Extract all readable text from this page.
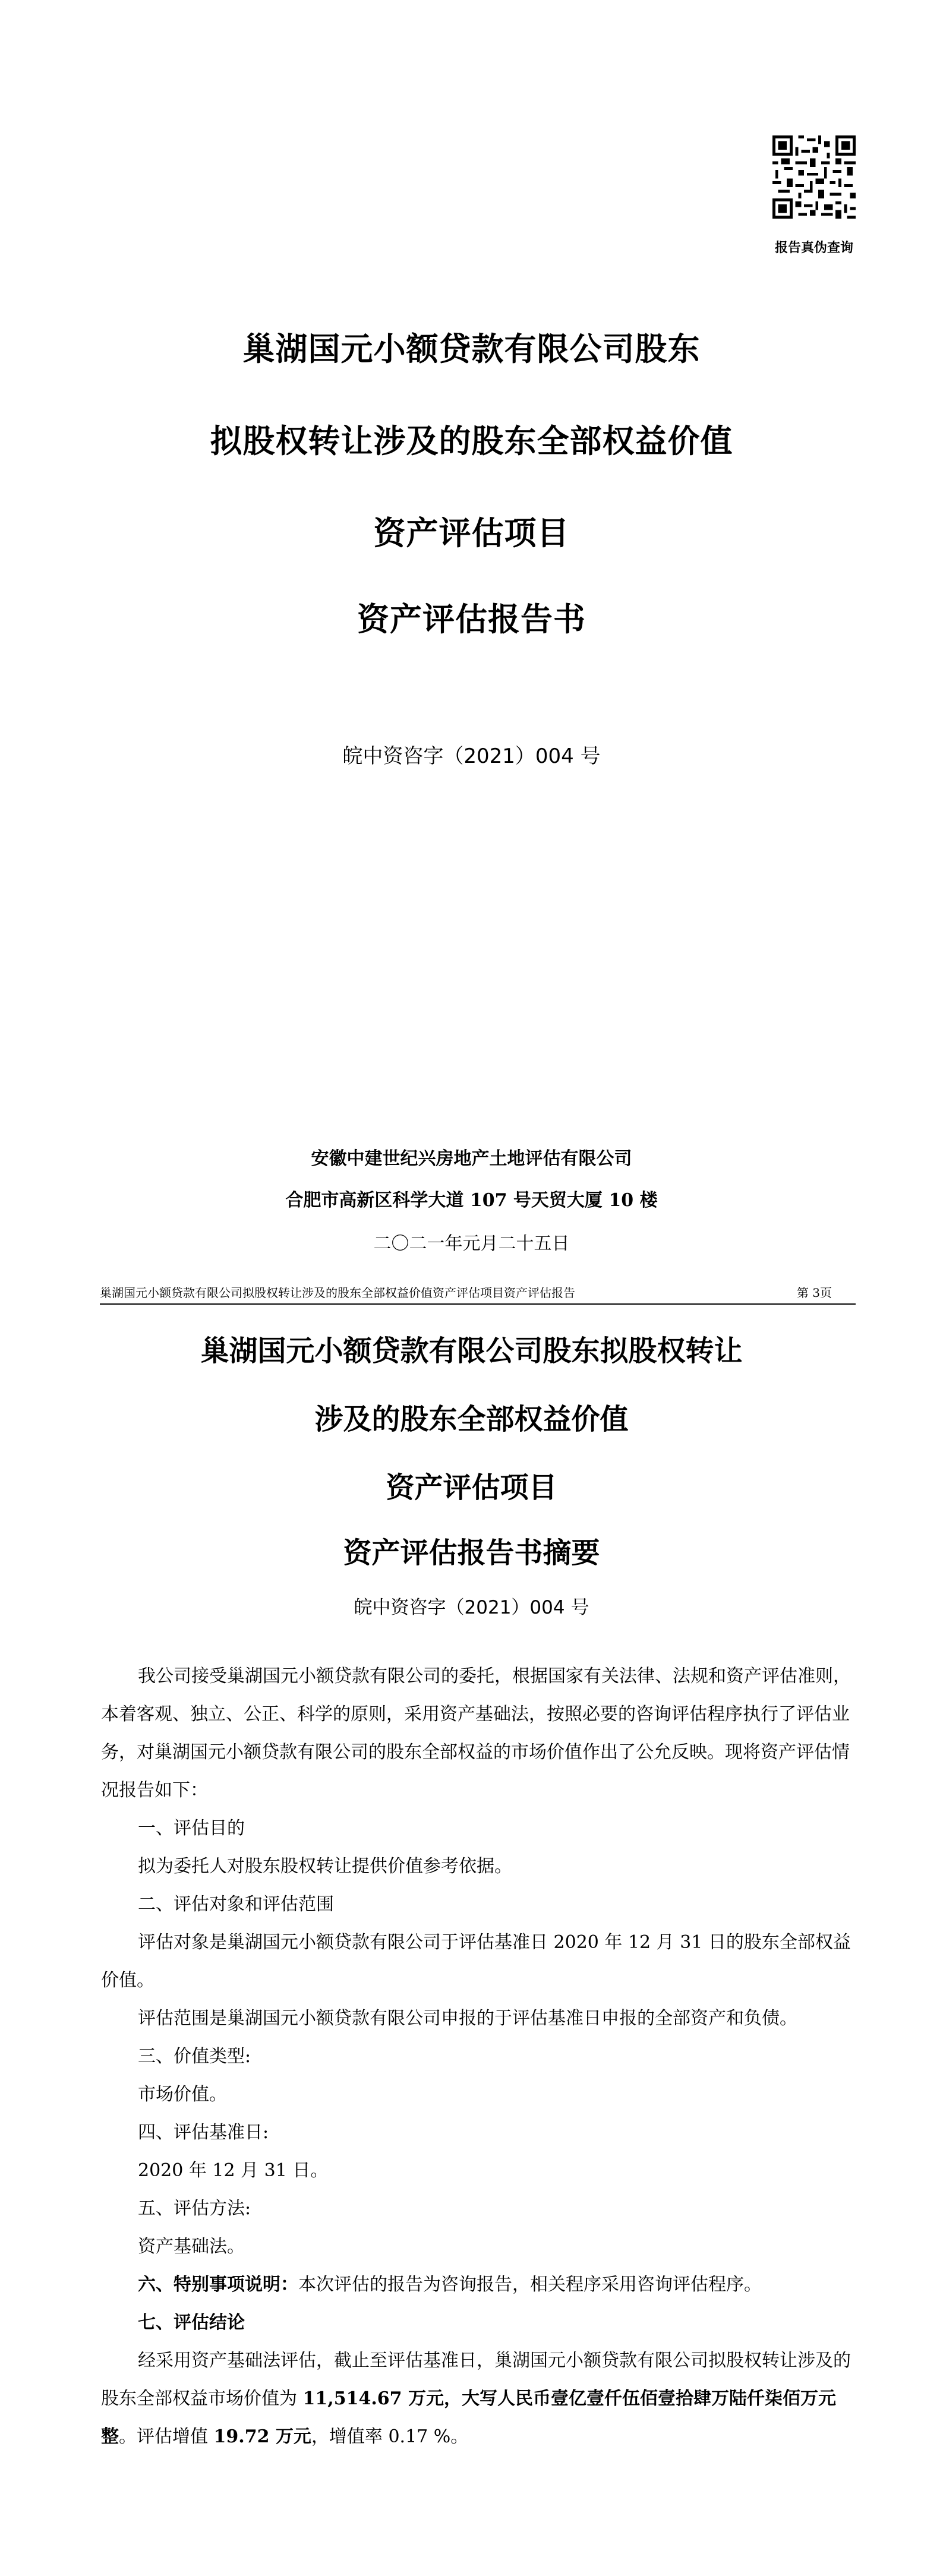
报告真伪查询
巢湖国元小额贷款有限公司股东
拟股权转让涉及的股东全部权益价值
资产评估项目
资产评估报告书
皖中资咨字（2021）004 号
安徽中建世纪兴房地产土地评估有限公司
合肥市高新区科学大道 107 号天贸大厦 10 楼
二〇二一年元月二十五日
巢湖国元小额贷款有限公司拟股权转让涉及的股东全部权益价值资产评估项目资产评估报告	第 3页
巢湖国元小额贷款有限公司股东拟股权转让
涉及的股东全部权益价值
资产评估项目
资产评估报告书摘要
皖中资咨字（2021）004 号

我公司接受巢湖国元小额贷款有限公司的委托，根据国家有关法律、法规和资产评估准则，本着客观、独立、公正、科学的原则，采用资产基础法，按照必要的咨询评估程序执行了评估业务，对巢湖国元小额贷款有限公司的股东全部权益的市场价值作出了公允反映。现将资产评估情况报告如下：

一、评估目的

拟为委托人对股东股权转让提供价值参考依据。

二、评估对象和评估范围

评估对象是巢湖国元小额贷款有限公司于评估基准日 2020 年 12 月 31 日的股东全部权益价值。

评估范围是巢湖国元小额贷款有限公司申报的于评估基准日申报的全部资产和负债。

三、价值类型:

市场价值。

四、评估基准日:

2020 年 12 月 31 日。

五、评估方法:

资产基础法。

六、特别事项说明：本次评估的报告为咨询报告，相关程序采用咨询评估程序。

七、评估结论

经采用资产基础法评估，截止至评估基准日，巢湖国元小额贷款有限公司拟股权转让涉及的股东全部权益市场价值为 11,514.67 万元，大写人民币壹亿壹仟伍佰壹拾肆万陆仟柒佰万元整。评估增值 19.72 万元，增值率 0.17 %。
